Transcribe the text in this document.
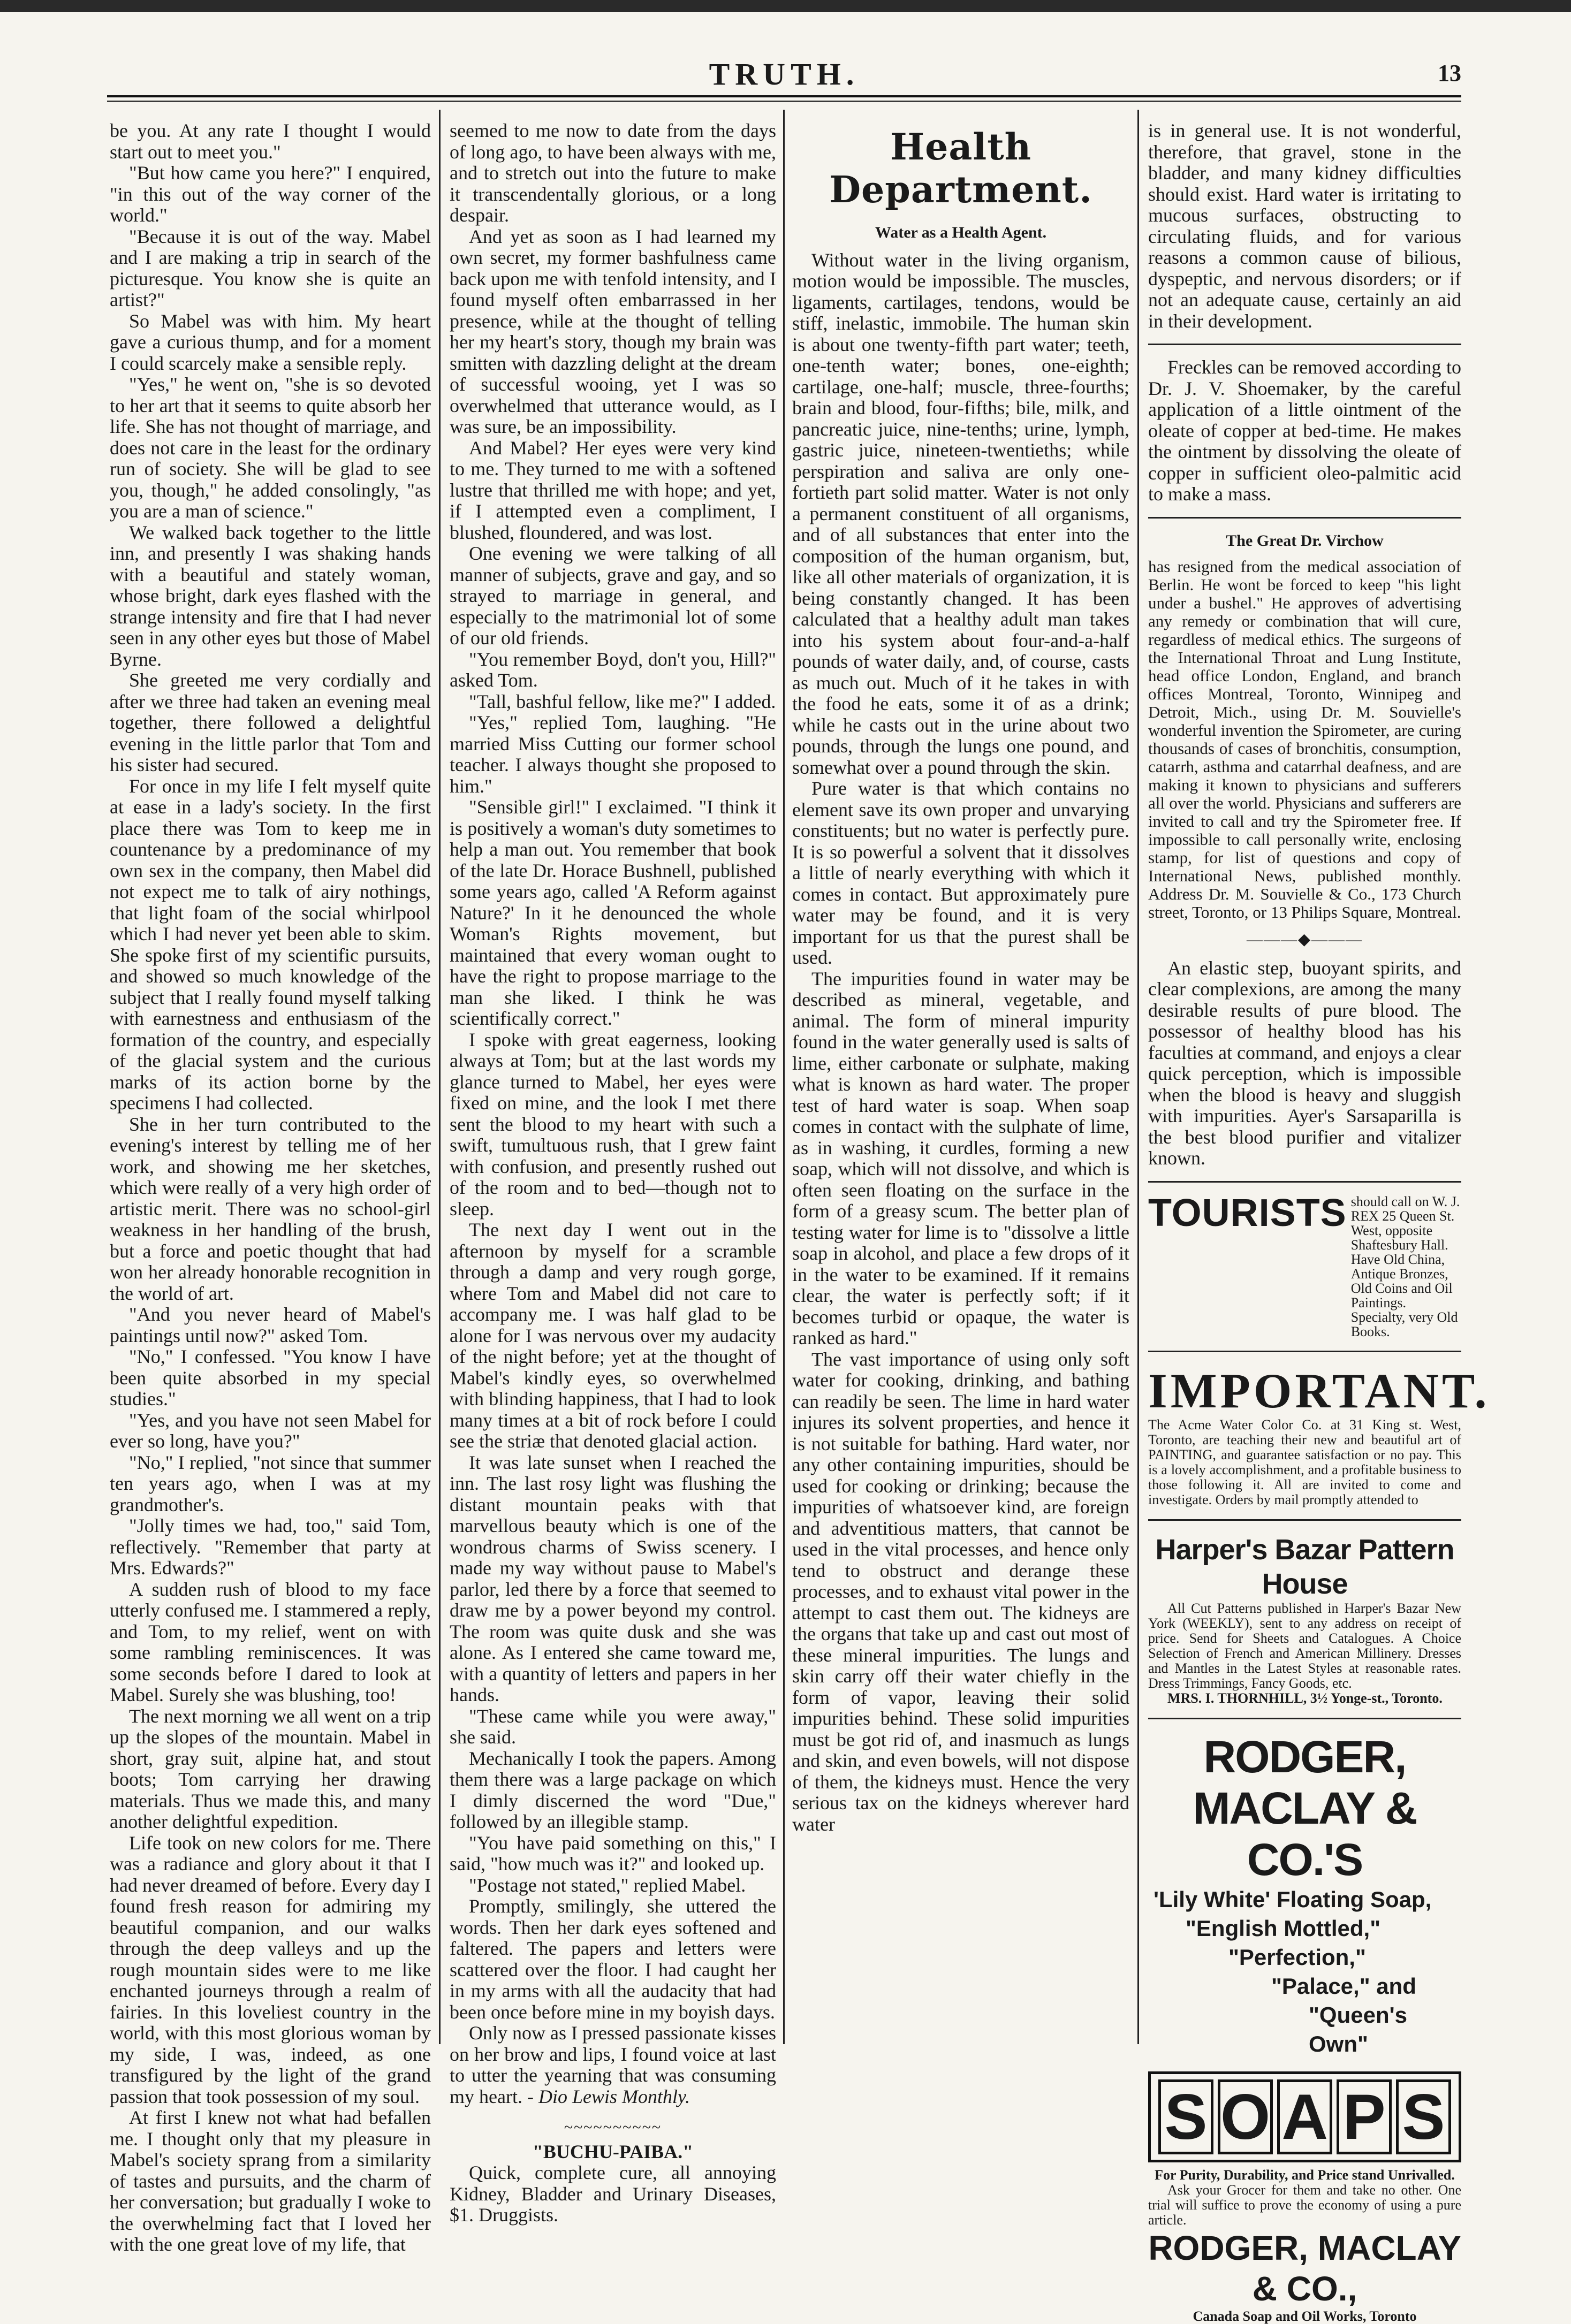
TRUTH.	13

be you. At any rate I thought I would start out to meet you."

"But how came you here?" I enquired, "in this out of the way corner of the world."

"Because it is out of the way. Mabel and I are making a trip in search of the picturesque. You know she is quite an artist?"

So Mabel was with him. My heart gave a curious thump, and for a moment I could scarcely make a sensible reply.

"Yes," he went on, "she is so devoted to her art that it seems to quite absorb her life. She has not thought of marriage, and does not care in the least for the ordinary run of society. She will be glad to see you, though," he added consolingly, "as you are a man of science."

We walked back together to the little inn, and presently I was shaking hands with a beautiful and stately woman, whose bright, dark eyes flashed with the strange intensity and fire that I had never seen in any other eyes but those of Mabel Byrne.

She greeted me very cordially and after we three had taken an evening meal together, there followed a delightful evening in the little parlor that Tom and his sister had secured.

For once in my life I felt myself quite at ease in a lady's society. In the first place there was Tom to keep me in countenance by a predominance of my own sex in the company, then Mabel did not expect me to talk of airy nothings, that light foam of the social whirlpool which I had never yet been able to skim. She spoke first of my scientific pursuits, and showed so much knowledge of the subject that I really found myself talking with earnestness and enthusiasm of the formation of the country, and especially of the glacial system and the curious marks of its action borne by the specimens I had collected.

She in her turn contributed to the evening's interest by telling me of her work, and showing me her sketches, which were really of a very high order of artistic merit. There was no school-girl weakness in her handling of the brush, but a force and poetic thought that had won her already honorable recognition in the world of art.

"And you never heard of Mabel's paintings until now?" asked Tom.

"No," I confessed. "You know I have been quite absorbed in my special studies."

"Yes, and you have not seen Mabel for ever so long, have you?"

"No," I replied, "not since that summer ten years ago, when I was at my grandmother's.

"Jolly times we had, too," said Tom, reflectively. "Remember that party at Mrs. Edwards?"

A sudden rush of blood to my face utterly confused me. I stammered a reply, and Tom, to my relief, went on with some rambling reminiscences. It was some seconds before I dared to look at Mabel. Surely she was blushing, too!

The next morning we all went on a trip up the slopes of the mountain. Mabel in short, gray suit, alpine hat, and stout boots; Tom carrying her drawing materials. Thus we made this, and many another delightful expedition.

Life took on new colors for me. There was a radiance and glory about it that I had never dreamed of before. Every day I found fresh reason for admiring my beautiful companion, and our walks through the deep valleys and up the rough mountain sides were to me like enchanted journeys through a realm of fairies. In this loveliest country in the world, with this most glorious woman by my side, I was, indeed, as one transfigured by the light of the grand passion that took possession of my soul.

At first I knew not what had befallen me. I thought only that my pleasure in Mabel's society sprang from a similarity of tastes and pursuits, and the charm of her conversation; but gradually I woke to the overwhelming fact that I loved her with the one great love of my life, that

seemed to me now to date from the days of long ago, to have been always with me, and to stretch out into the future to make it transcendentally glorious, or a long despair.

And yet as soon as I had learned my own secret, my former bashfulness came back upon me with tenfold intensity, and I found myself often embarrassed in her presence, while at the thought of telling her my heart's story, though my brain was smitten with dazzling delight at the dream of successful wooing, yet I was so overwhelmed that utterance would, as I was sure, be an impossibility.

And Mabel? Her eyes were very kind to me. They turned to me with a softened lustre that thrilled me with hope; and yet, if I attempted even a compliment, I blushed, floundered, and was lost.

One evening we were talking of all manner of subjects, grave and gay, and so strayed to marriage in general, and especially to the matrimonial lot of some of our old friends.

"You remember Boyd, don't you, Hill?" asked Tom.

"Tall, bashful fellow, like me?" I added.

"Yes," replied Tom, laughing. "He married Miss Cutting our former school teacher. I always thought she proposed to him."

"Sensible girl!" I exclaimed. "I think it is positively a woman's duty sometimes to help a man out. You remember that book of the late Dr. Horace Bushnell, published some years ago, called 'A Reform against Nature?' In it he denounced the whole Woman's Rights movement, but maintained that every woman ought to have the right to propose marriage to the man she liked. I think he was scientifically correct."

I spoke with great eagerness, looking always at Tom; but at the last words my glance turned to Mabel, her eyes were fixed on mine, and the look I met there sent the blood to my heart with such a swift, tumultuous rush, that I grew faint with confusion, and presently rushed out of the room and to bed—though not to sleep.

The next day I went out in the afternoon by myself for a scramble through a damp and very rough gorge, where Tom and Mabel did not care to accompany me. I was half glad to be alone for I was nervous over my audacity of the night before; yet at the thought of Mabel's kindly eyes, so overwhelmed with blinding happiness, that I had to look many times at a bit of rock before I could see the striæ that denoted glacial action.

It was late sunset when I reached the inn. The last rosy light was flushing the distant mountain peaks with that marvellous beauty which is one of the wondrous charms of Swiss scenery. I made my way without pause to Mabel's parlor, led there by a force that seemed to draw me by a power beyond my control. The room was quite dusk and she was alone. As I entered she came toward me, with a quantity of letters and papers in her hands.

"These came while you were away," she said.

Mechanically I took the papers. Among them there was a large package on which I dimly discerned the word "Due," followed by an illegible stamp.

"You have paid something on this," I said, "how much was it?" and looked up.

"Postage not stated," replied Mabel.

Promptly, smilingly, she uttered the words. Then her dark eyes softened and faltered. The papers and letters were scattered over the floor. I had caught her in my arms with all the audacity that had been once before mine in my boyish days.

Only now as I pressed passionate kisses on her brow and lips, I found voice at last to utter the yearning that was consuming my heart. - Dio Lewis Monthly.

~~~~~~~~~~

"BUCHU-PAIBA."

Quick, complete cure, all annoying Kidney, Bladder and Urinary Diseases, $1. Druggists.

Health Department.

Water as a Health Agent.

Without water in the living organism, motion would be impossible. The muscles, ligaments, cartilages, tendons, would be stiff, inelastic, immobile. The human skin is about one twenty-fifth part water; teeth, one-tenth water; bones, one-eighth; cartilage, one-half; muscle, three-fourths; brain and blood, four-fifths; bile, milk, and pancreatic juice, nine-tenths; urine, lymph, gastric juice, nineteen-twentieths; while perspiration and saliva are only one-fortieth part solid matter. Water is not only a permanent constituent of all organisms, and of all substances that enter into the composition of the human organism, but, like all other materials of organization, it is being constantly changed. It has been calculated that a healthy adult man takes into his system about four-and-a-half pounds of water daily, and, of course, casts as much out. Much of it he takes in with the food he eats, some it of as a drink; while he casts out in the urine about two pounds, through the lungs one pound, and somewhat over a pound through the skin.

Pure water is that which contains no element save its own proper and unvarying constituents; but no water is perfectly pure. It is so powerful a solvent that it dissolves a little of nearly everything with which it comes in contact. But approximately pure water may be found, and it is very important for us that the purest shall be used.

The impurities found in water may be described as mineral, vegetable, and animal. The form of mineral impurity found in the water generally used is salts of lime, either carbonate or sulphate, making what is known as hard water. The proper test of hard water is soap. When soap comes in contact with the sulphate of lime, as in washing, it curdles, forming a new soap, which will not dissolve, and which is often seen floating on the surface in the form of a greasy scum. The better plan of testing water for lime is to "dissolve a little soap in alcohol, and place a few drops of it in the water to be examined. If it remains clear, the water is perfectly soft; if it becomes turbid or opaque, the water is ranked as hard."

The vast importance of using only soft water for cooking, drinking, and bathing can readily be seen. The lime in hard water injures its solvent properties, and hence it is not suitable for bathing. Hard water, nor any other containing impurities, should be used for cooking or drinking; because the impurities of whatsoever kind, are foreign and adventitious matters, that cannot be used in the vital processes, and hence only tend to obstruct and derange these processes, and to exhaust vital power in the attempt to cast them out. The kidneys are the organs that take up and cast out most of these mineral impurities. The lungs and skin carry off their water chiefly in the form of vapor, leaving their solid impurities behind. These solid impurities must be got rid of, and inasmuch as lungs and skin, and even bowels, will not dispose of them, the kidneys must. Hence the very serious tax on the kidneys wherever hard water

is in general use. It is not wonderful, therefore, that gravel, stone in the bladder, and many kidney difficulties should exist. Hard water is irritating to mucous surfaces, obstructing to circulating fluids, and for various reasons a common cause of bilious, dyspeptic, and nervous disorders; or if not an adequate cause, certainly an aid in their development.

Freckles can be removed according to Dr. J. V. Shoemaker, by the careful application of a little ointment of the oleate of copper at bed-time. He makes the ointment by dissolving the oleate of copper in sufficient oleo-palmitic acid to make a mass.

The Great Dr. Virchow

has resigned from the medical association of Berlin. He wont be forced to keep "his light under a bushel." He approves of advertising any remedy or combination that will cure, regardless of medical ethics. The surgeons of the International Throat and Lung Institute, head office London, England, and branch offices Montreal, Toronto, Winnipeg and Detroit, Mich., using Dr. M. Souvielle's wonderful invention the Spirometer, are curing thousands of cases of bronchitis, consumption, catarrh, asthma and catarrhal deafness, and are making it known to physicians and sufferers all over the world. Physicians and sufferers are invited to call and try the Spirometer free. If impossible to call personally write, enclosing stamp, for list of questions and copy of International News, published monthly. Address Dr. M. Souvielle & Co., 173 Church street, Toronto, or 13 Philips Square, Montreal.

———◆———

An elastic step, buoyant spirits, and clear complexions, are among the many desirable results of pure blood. The possessor of healthy blood has his faculties at command, and enjoys a clear quick perception, which is impossible when the blood is heavy and sluggish with impurities. Ayer's Sarsaparilla is the best blood purifier and vitalizer known.

TOURISTS should call on W. J. REX 25 Queen St. West, opposite Shaftesbury Hall. Have Old China, Antique Bronzes, Old Coins and Oil Paintings. Specialty, very Old Books.
IMPORTANT.

The Acme Water Color Co. at 31 King st. West, Toronto, are teaching their new and beautiful art of PAINTING, and guarantee satisfaction or no pay. This is a lovely accomplishment, and a profitable business to those following it. All are invited to come and investigate. Orders by mail promptly attended to

Harper's Bazar Pattern House

All Cut Patterns published in Harper's Bazar New York (WEEKLY), sent to any address on receipt of price. Send for Sheets and Catalogues. A Choice Selection of French and American Millinery. Dresses and Mantles in the Latest Styles at reasonable rates. Dress Trimmings, Fancy Goods, etc.

MRS. I. THORNHILL, 3½ Yonge-st., Toronto.

RODGER, MACLAY & CO.'S
'Lily White' Floating Soap,
"English Mottled,"
"Perfection,"
"Palace," and
"Queen's Own"
S O A P S

For Purity, Durability, and Price stand Unrivalled.

Ask your Grocer for them and take no other. One trial will suffice to prove the economy of using a pure article.

RODGER, MACLAY & CO.,

Canada Soap and Oil Works, Toronto
